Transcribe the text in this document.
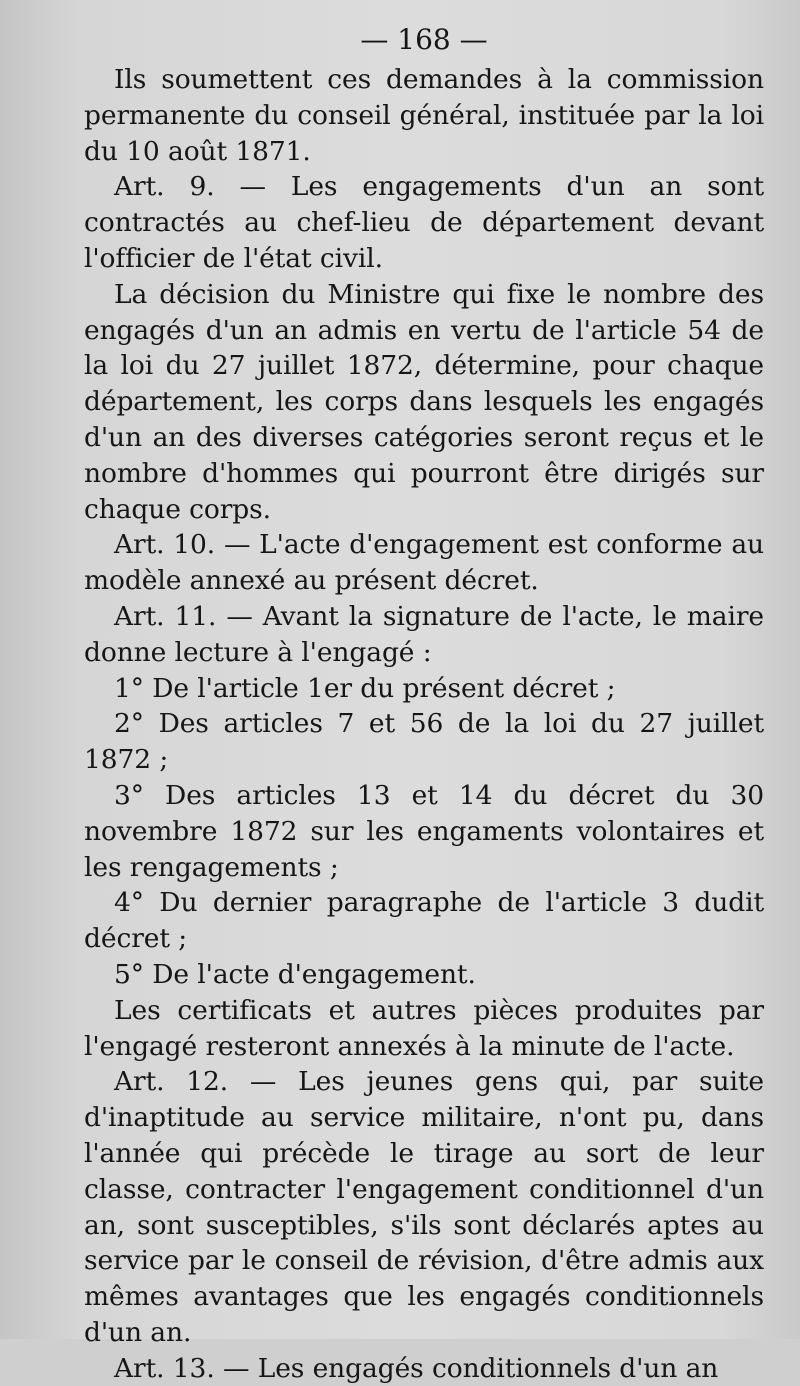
— 168 —

Ils soumettent ces demandes à la commission permanente du conseil général, instituée par la loi du 10 août 1871.

Art. 9. — Les engagements d'un an sont contractés au chef-lieu de département devant l'officier de l'état civil.

La décision du Ministre qui fixe le nombre des engagés d'un an admis en vertu de l'article 54 de la loi du 27 juillet 1872, détermine, pour chaque département, les corps dans lesquels les engagés d'un an des diverses catégories seront reçus et le nombre d'hommes qui pourront être dirigés sur chaque corps.

Art. 10. — L'acte d'engagement est conforme au modèle annexé au présent décret.

Art. 11. — Avant la signature de l'acte, le maire donne lecture à l'engagé :

1° De l'article 1er du présent décret ;

2° Des articles 7 et 56 de la loi du 27 juillet 1872 ;

3° Des articles 13 et 14 du décret du 30 novembre 1872 sur les engaments volontaires et les rengagements ;

4° Du dernier paragraphe de l'article 3 dudit décret ;

5° De l'acte d'engagement.

Les certificats et autres pièces produites par l'engagé resteront annexés à la minute de l'acte.

Art. 12. — Les jeunes gens qui, par suite d'inaptitude au service militaire, n'ont pu, dans l'année qui précède le tirage au sort de leur classe, contracter l'engagement conditionnel d'un an, sont susceptibles, s'ils sont déclarés aptes au service par le conseil de révision, d'être admis aux mêmes avantages que les engagés conditionnels d'un an.

Art. 13. — Les engagés conditionnels d'un an
